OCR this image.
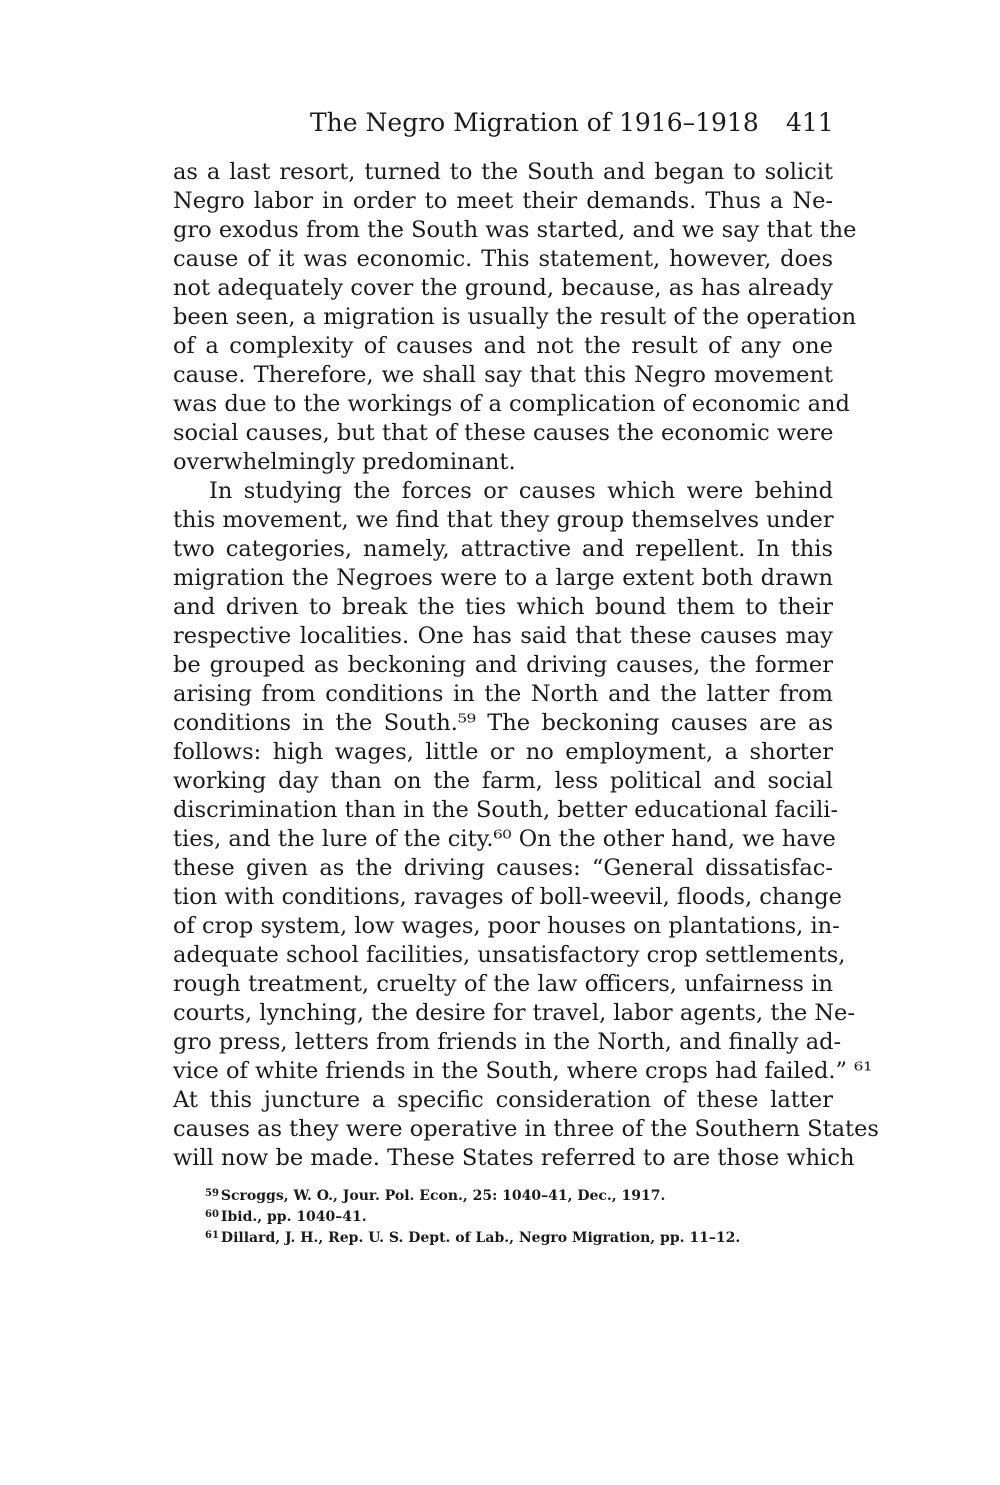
The Negro Migration of 1916–1918 411
as a last resort, turned to the South and began to solicit
Negro labor in order to meet their demands. Thus a Ne-
gro exodus from the South was started, and we say that the
cause of it was economic. This statement, however, does
not adequately cover the ground, because, as has already
been seen, a migration is usually the result of the operation
of a complexity of causes and not the result of any one
cause. Therefore, we shall say that this Negro movement
was due to the workings of a complication of economic and
social causes, but that of these causes the economic were
overwhelmingly predominant.
In studying the forces or causes which were behind
this movement, we find that they group themselves under
two categories, namely, attractive and repellent. In this
migration the Negroes were to a large extent both drawn
and driven to break the ties which bound them to their
respective localities. One has said that these causes may
be grouped as beckoning and driving causes, the former
arising from conditions in the North and the latter from
conditions in the South.⁵⁹ The beckoning causes are as
follows: high wages, little or no employment, a shorter
working day than on the farm, less political and social
discrimination than in the South, better educational facili-
ties, and the lure of the city.⁶⁰ On the other hand, we have
these given as the driving causes: “General dissatisfac-
tion with conditions, ravages of boll-weevil, floods, change
of crop system, low wages, poor houses on plantations, in-
adequate school facilities, unsatisfactory crop settlements,
rough treatment, cruelty of the law officers, unfairness in
courts, lynching, the desire for travel, labor agents, the Ne-
gro press, letters from friends in the North, and finally ad-
vice of white friends in the South, where crops had failed.” ⁶¹
At this juncture a specific consideration of these latter
causes as they were operative in three of the Southern States
will now be made. These States referred to are those which
$^{59}$ Scroggs, W. O., Jour. Pol. Econ., 25: 1040–41, Dec., 1917.
$^{60}$ Ibid., pp. 1040–41.
$^{61}$ Dillard, J. H., Rep. U. S. Dept. of Lab., Negro Migration, pp. 11–12.
